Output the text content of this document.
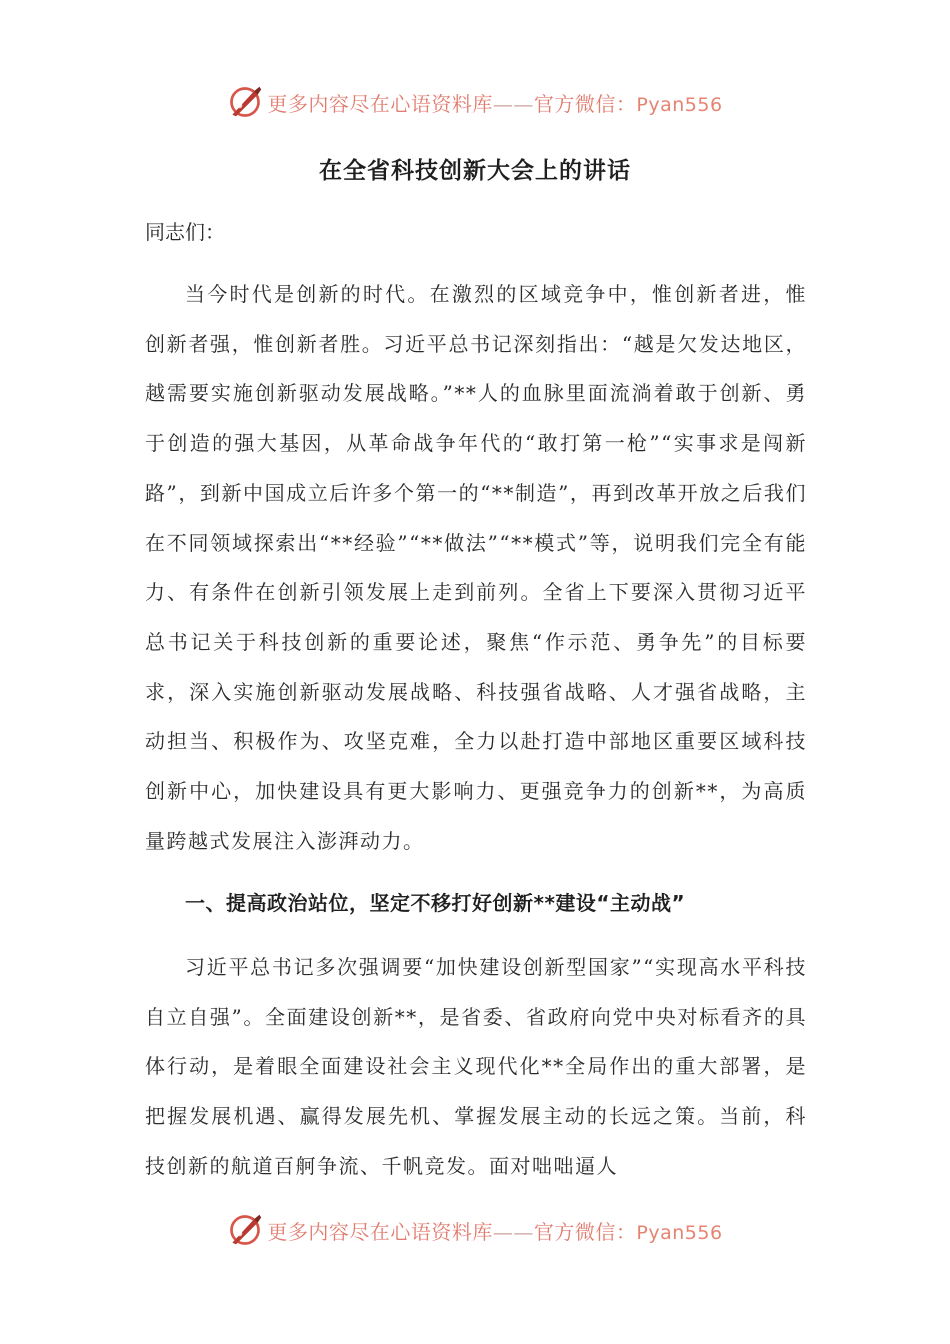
更多内容尽在心语资料库——官方微信：Pyan556
在全省科技创新大会上的讲话
同志们：

当今时代是创新的时代。在激烈的区域竞争中，惟创新者进，惟创新者强，惟创新者胜。习近平总书记深刻指出：“越是欠发达地区，越需要实施创新驱动发展战略。”**人的血脉里面流淌着敢于创新、勇于创造的强大基因，从革命战争年代的“敢打第一枪”“实事求是闯新路”，到新中国成立后许多个第一的“**制造”，再到改革开放之后我们在不同领域探索出“**经验”“**做法”“**模式”等，说明我们完全有能力、有条件在创新引领发展上走到前列。全省上下要深入贯彻习近平总书记关于科技创新的重要论述，聚焦“作示范、勇争先”的目标要求，深入实施创新驱动发展战略、科技强省战略、人才强省战略，主动担当、积极作为、攻坚克难，全力以赴打造中部地区重要区域科技创新中心，加快建设具有更大影响力、更强竞争力的创新**，为高质量跨越式发展注入澎湃动力。

一、提高政治站位，坚定不移打好创新**建设“主动战”

习近平总书记多次强调要“加快建设创新型国家”“实现高水平科技自立自强”。全面建设创新**，是省委、省政府向党中央对标看齐的具体行动，是着眼全面建设社会主义现代化**全局作出的重大部署，是把握发展机遇、赢得发展先机、掌握发展主动的长远之策。当前，科技创新的航道百舸争流、千帆竞发。面对咄咄逼人

更多内容尽在心语资料库——官方微信：Pyan556
